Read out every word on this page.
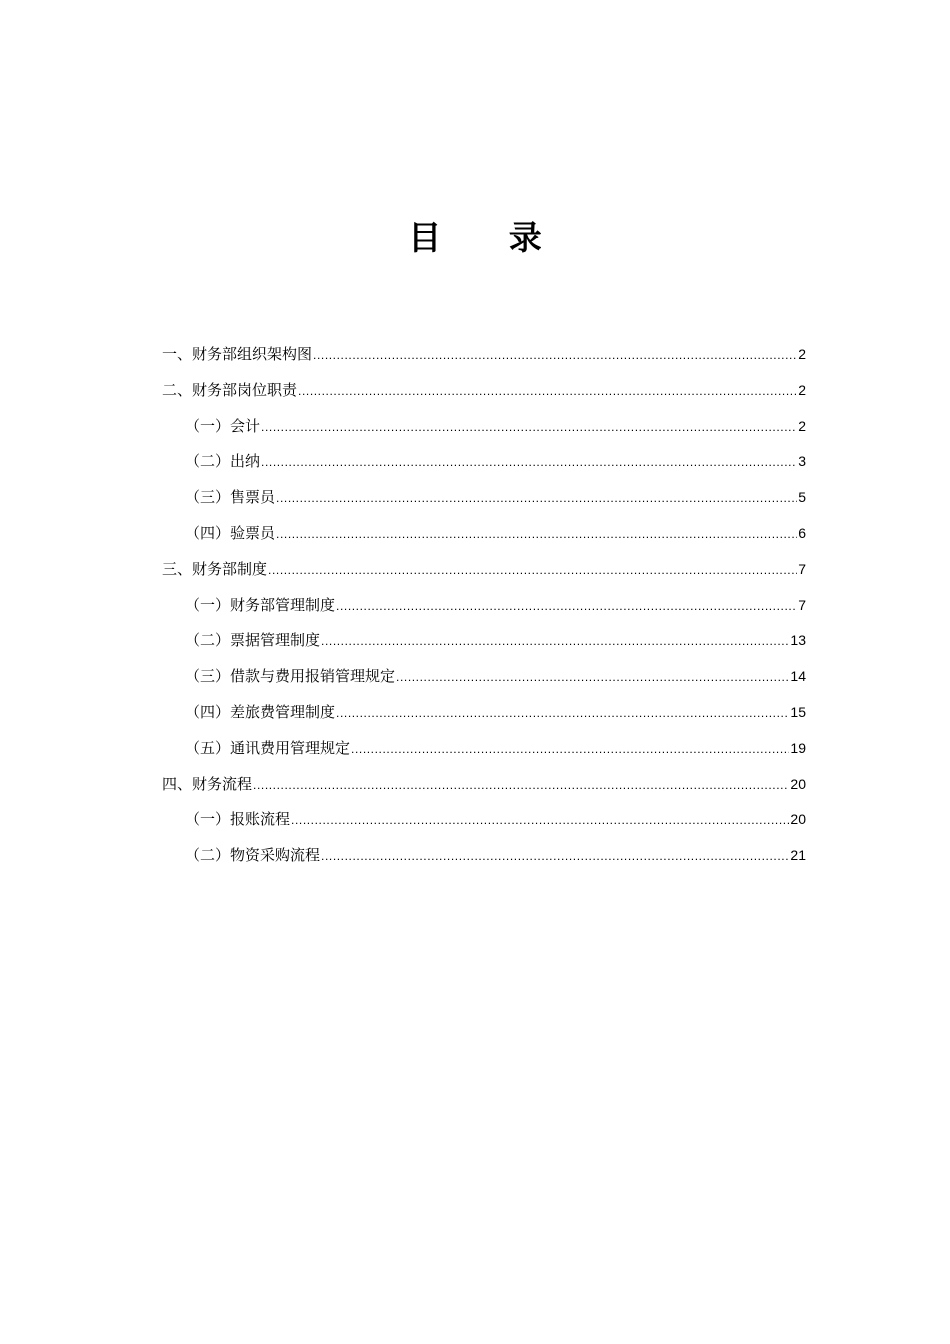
目 录
一、财务部组织架构图 .....	2
二、财务部岗位职责 .....	2
（一）会计 .....	2
（二）出纳 .....	3
（三）售票员 .....	5
（四）验票员 .....	6
三、财务部制度 .....	7
（一）财务部管理制度 .....	7
（二）票据管理制度 .....	13
（三）借款与费用报销管理规定 .....	14
（四）差旅费管理制度 .....	15
（五）通讯费用管理规定 .....	19
四、财务流程 .....	20
（一）报账流程 .....	20
（二）物资采购流程 .....	21
